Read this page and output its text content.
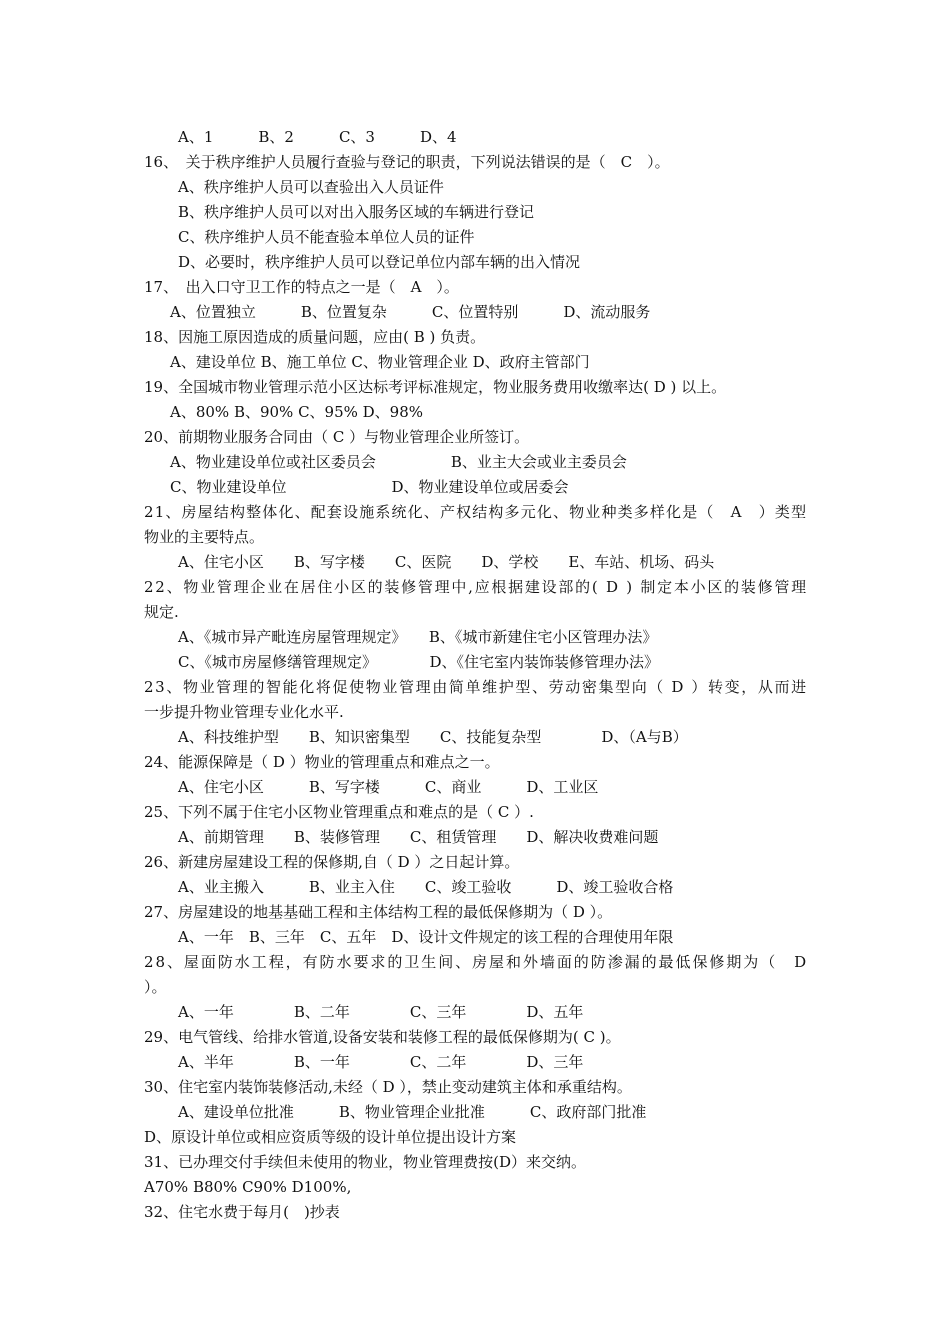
A、1　　　B、2　　　C、3　　　D、4
16、　关于秩序维护人员履行查验与登记的职责，下列说法错误的是（　C　）。
A、秩序维护人员可以查验出入人员证件
B、秩序维护人员可以对出入服务区域的车辆进行登记
C、秩序维护人员不能查验本单位人员的证件
D、必要时，秩序维护人员可以登记单位内部车辆的出入情况
17、　出入口守卫工作的特点之一是（　A　）。
A、位置独立　　　B、位置复杂　　　C、位置特别　　　D、流动服务
18、因施工原因造成的质量问题，应由( B ) 负责。
A、建设单位 B、施工单位 C、物业管理企业 D、政府主管部门
19、全国城市物业管理示范小区达标考评标准规定，物业服务费用收缴率达( D ) 以上。
A、80% B、90% C、95% D、98%
20、前期物业服务合同由（ C ）与物业管理企业所签订。
A、物业建设单位或社区委员会　　　　　B、业主大会或业主委员会
C、物业建设单位　　　　　　　D、物业建设单位或居委会
21、房屋结构整体化、配套设施系统化、产权结构多元化、物业种类多样化是（　A　）类型
物业的主要特点。
A、住宅小区　　B、写字楼　　C、医院　　D、学校　　E、车站、机场、码头
22、物业管理企业在居住小区的装修管理中,应根据建设部的( D ) 制定本小区的装修管理
规定.
A、《城市异产毗连房屋管理规定》　　B、《城市新建住宅小区管理办法》
C、《城市房屋修缮管理规定》　　　　D、《住宅室内装饰装修管理办法》
23、物业管理的智能化将促使物业管理由简单维护型、劳动密集型向（ D ）转变，从而进
一步提升物业管理专业化水平.
A、科技维护型　　B、知识密集型　　C、技能复杂型　　　　D、（A与B）
24、能源保障是（ D ）物业的管理重点和难点之一。
A、住宅小区　　　B、写字楼　　　C、商业　　　D、工业区
25、下列不属于住宅小区物业管理重点和难点的是（ C ）.
A、前期管理　　B、装修管理　　C、租赁管理　　D、解决收费难问题
26、新建房屋建设工程的保修期,自（ D ）之日起计算。
A、业主搬入　　　B、业主入住　　C、竣工验收　　　D、竣工验收合格
27、房屋建设的地基基础工程和主体结构工程的最低保修期为（ D ）。
A、一年　B、三年　C、五年　D、设计文件规定的该工程的合理使用年限
28、屋面防水工程，有防水要求的卫生间、房屋和外墙面的防渗漏的最低保修期为（　D
）。
A、一年　　　　B、二年　　　　C、三年　　　　D、五年
29、电气管线、给排水管道,设备安装和装修工程的最低保修期为( C )。
A、半年　　　　B、一年　　　　C、二年　　　　D、三年
30、住宅室内装饰装修活动,未经（ D ），禁止变动建筑主体和承重结构。
A、建设单位批准　　　B、物业管理企业批准　　　C、政府部门批准
D、原设计单位或相应资质等级的设计单位提出设计方案
31、已办理交付手续但未使用的物业，物业管理费按(D）来交纳。
A70% B80% C90% D100%,
32、住宅水费于每月(　)抄表
